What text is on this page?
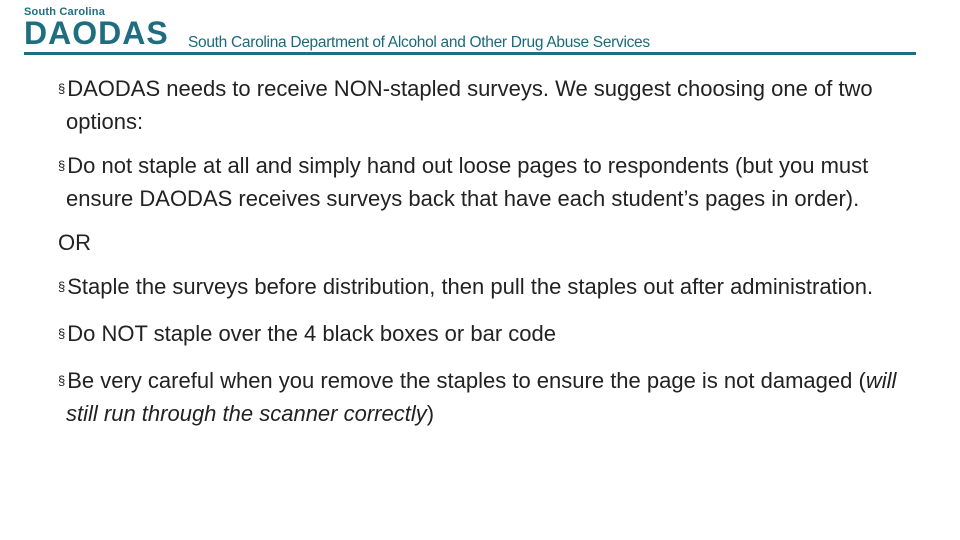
South Carolina
DAODAS South Carolina Department of Alcohol and Other Drug Abuse Services
§DAODAS needs to receive NON-stapled surveys. We suggest choosing one of two options:
§Do not staple at all and simply hand out loose pages to respondents (but you must ensure DAODAS receives surveys back that have each student’s pages in order).
OR
§Staple the surveys before distribution, then pull the staples out after administration.
§Do NOT staple over the 4 black boxes or bar code
§Be very careful when you remove the staples to ensure the page is not damaged (will still run through the scanner correctly)
